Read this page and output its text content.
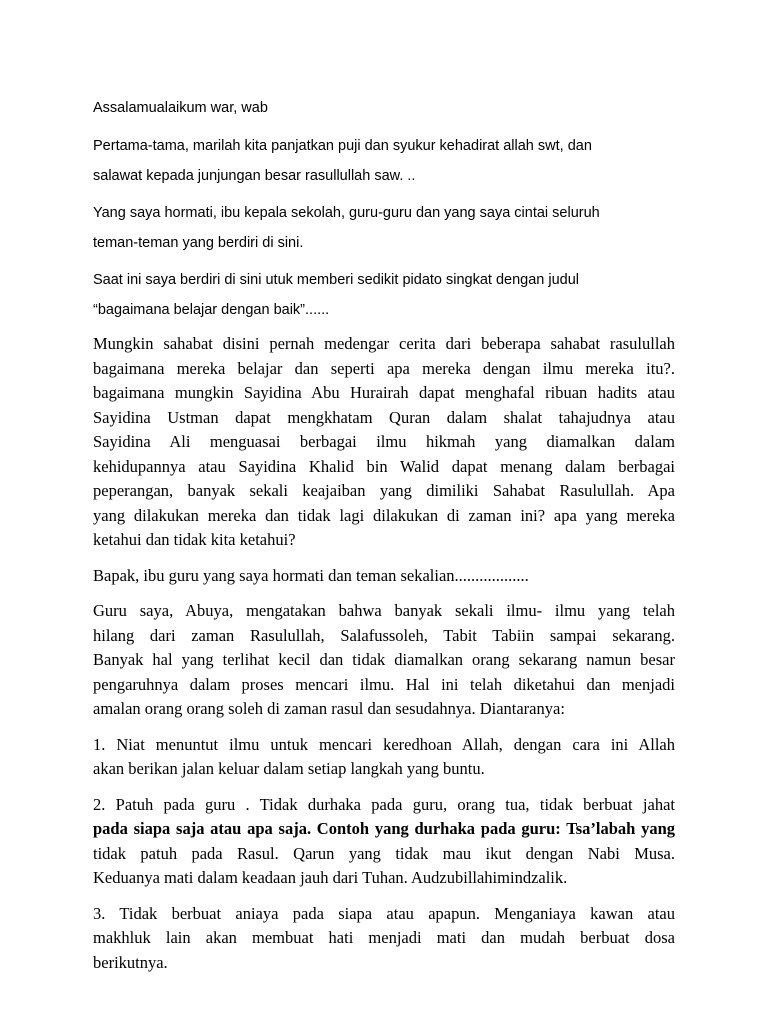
Assalamualaikum war, wab

Pertama-tama, marilah kita panjatkan puji dan syukur kehadirat allah swt, dan
salawat kepada junjungan besar rasullullah saw. ..

Yang saya hormati, ibu kepala sekolah, guru-guru dan yang saya cintai seluruh
teman-teman yang berdiri di sini.

Saat ini saya berdiri di sini utuk memberi sedikit pidato singkat dengan judul
“bagaimana belajar dengan baik”......

Mungkin sahabat disini pernah medengar cerita dari beberapa sahabat rasulullah
bagaimana mereka belajar dan seperti apa mereka dengan ilmu mereka itu?.
bagaimana mungkin Sayidina Abu Hurairah dapat menghafal ribuan hadits atau
Sayidina Ustman dapat mengkhatam Quran dalam shalat tahajudnya atau
Sayidina Ali menguasai berbagai ilmu hikmah yang diamalkan dalam
kehidupannya atau Sayidina Khalid bin Walid dapat menang dalam berbagai
peperangan, banyak sekali keajaiban yang dimiliki Sahabat Rasulullah. Apa
yang dilakukan mereka dan tidak lagi dilakukan di zaman ini? apa yang mereka
ketahui dan tidak kita ketahui?

Bapak, ibu guru yang saya hormati dan teman sekalian..................

Guru saya, Abuya, mengatakan bahwa banyak sekali ilmu- ilmu yang telah
hilang dari zaman Rasulullah, Salafussoleh, Tabit Tabiin sampai sekarang.
Banyak hal yang terlihat kecil dan tidak diamalkan orang sekarang namun besar
pengaruhnya dalam proses mencari ilmu. Hal ini telah diketahui dan menjadi
amalan orang orang soleh di zaman rasul dan sesudahnya. Diantaranya:

1. Niat menuntut ilmu untuk mencari keredhoan Allah, dengan cara ini Allah
akan berikan jalan keluar dalam setiap langkah yang buntu.

2. Patuh pada guru . Tidak durhaka pada guru, orang tua, tidak berbuat jahat
pada siapa saja atau apa saja. Contoh yang durhaka pada guru: Tsa’labah yang
tidak patuh pada Rasul. Qarun yang tidak mau ikut dengan Nabi Musa.
Keduanya mati dalam keadaan jauh dari Tuhan. Audzubillahimindzalik.

3. Tidak berbuat aniaya pada siapa atau apapun. Menganiaya kawan atau
makhluk lain akan membuat hati menjadi mati dan mudah berbuat dosa
berikutnya.
